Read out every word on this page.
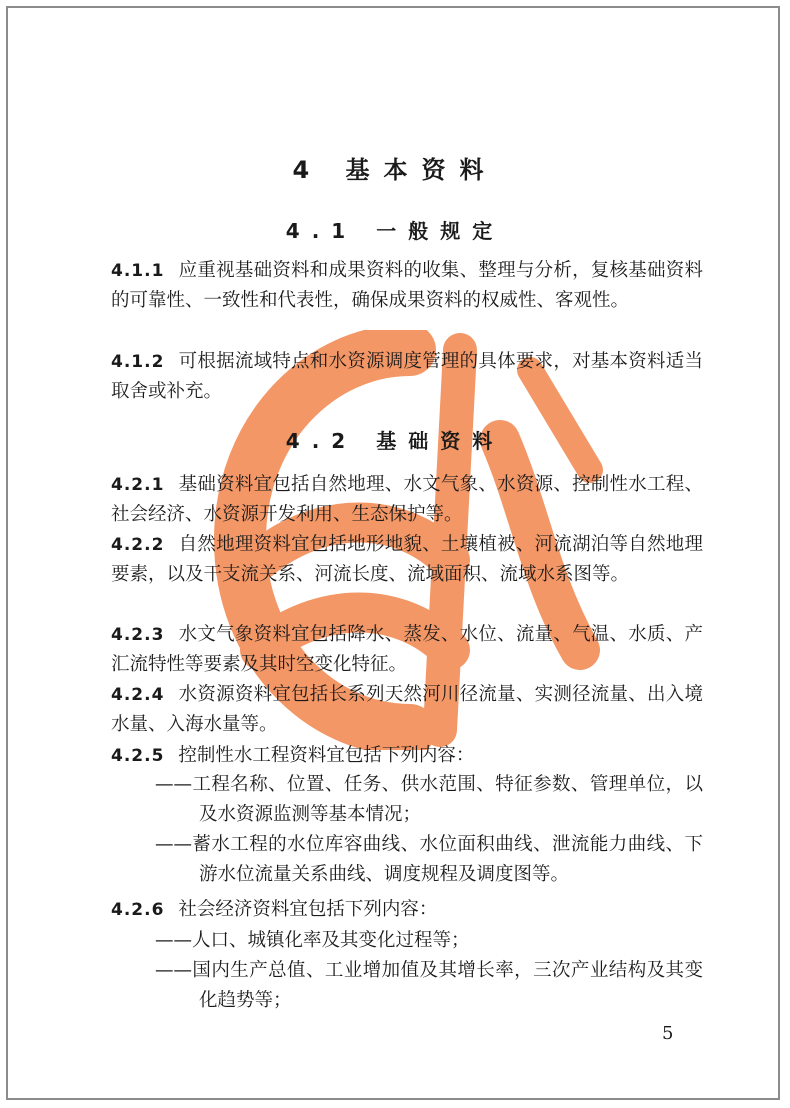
4 基本资料
4.1 一般规定
4.1.1 应重视基础资料和成果资料的收集、整理与分析，复核基础资料的可靠性、一致性和代表性，确保成果资料的权威性、客观性。
4.1.2 可根据流域特点和水资源调度管理的具体要求，对基本资料适当取舍或补充。
4.2 基础资料
4.2.1 基础资料宜包括自然地理、水文气象、水资源、控制性水工程、社会经济、水资源开发利用、生态保护等。
4.2.2 自然地理资料宜包括地形地貌、土壤植被、河流湖泊等自然地理要素，以及干支流关系、河流长度、流域面积、流域水系图等。
4.2.3 水文气象资料宜包括降水、蒸发、水位、流量、气温、水质、产汇流特性等要素及其时空变化特征。
4.2.4 水资源资料宜包括长系列天然河川径流量、实测径流量、出入境水量、入海水量等。
4.2.5 控制性水工程资料宜包括下列内容：
——工程名称、位置、任务、供水范围、特征参数、管理单位，以及水资源监测等基本情况；
——蓄水工程的水位库容曲线、水位面积曲线、泄流能力曲线、下游水位流量关系曲线、调度规程及调度图等。
4.2.6 社会经济资料宜包括下列内容：
——人口、城镇化率及其变化过程等；
——国内生产总值、工业增加值及其增长率，三次产业结构及其变化趋势等；
5
